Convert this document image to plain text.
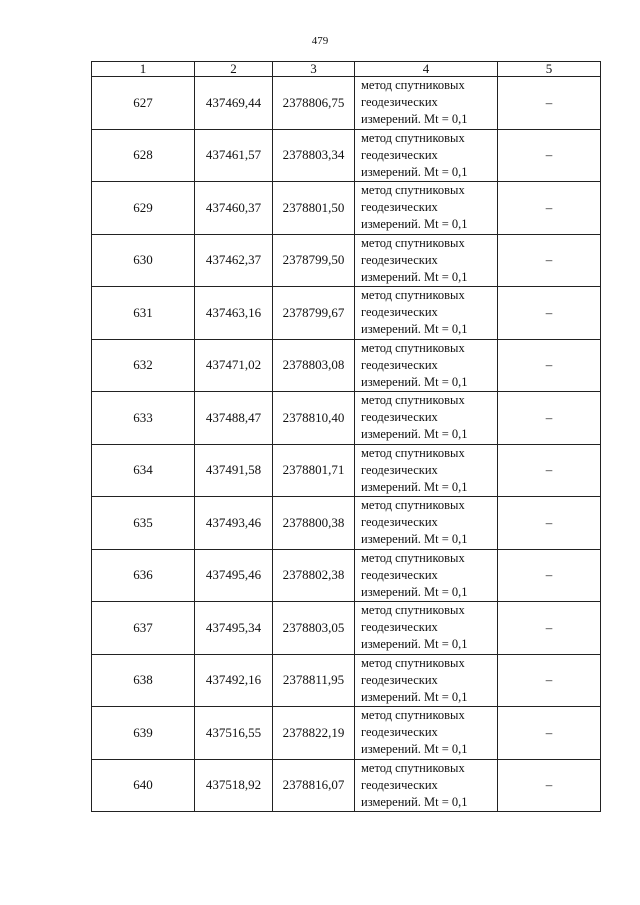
479
1	2	3	4	5
627	437469,44	2378806,75	метод спутниковых
геодезических
измерений. Mt = 0,1	–
628	437461,57	2378803,34	метод спутниковых
геодезических
измерений. Mt = 0,1	–
629	437460,37	2378801,50	метод спутниковых
геодезических
измерений. Mt = 0,1	–
630	437462,37	2378799,50	метод спутниковых
геодезических
измерений. Mt = 0,1	–
631	437463,16	2378799,67	метод спутниковых
геодезических
измерений. Mt = 0,1	–
632	437471,02	2378803,08	метод спутниковых
геодезических
измерений. Mt = 0,1	–
633	437488,47	2378810,40	метод спутниковых
геодезических
измерений. Mt = 0,1	–
634	437491,58	2378801,71	метод спутниковых
геодезических
измерений. Mt = 0,1	–
635	437493,46	2378800,38	метод спутниковых
геодезических
измерений. Mt = 0,1	–
636	437495,46	2378802,38	метод спутниковых
геодезических
измерений. Mt = 0,1	–
637	437495,34	2378803,05	метод спутниковых
геодезических
измерений. Mt = 0,1	–
638	437492,16	2378811,95	метод спутниковых
геодезических
измерений. Mt = 0,1	–
639	437516,55	2378822,19	метод спутниковых
геодезических
измерений. Mt = 0,1	–
640	437518,92	2378816,07	метод спутниковых
геодезических
измерений. Mt = 0,1	–
